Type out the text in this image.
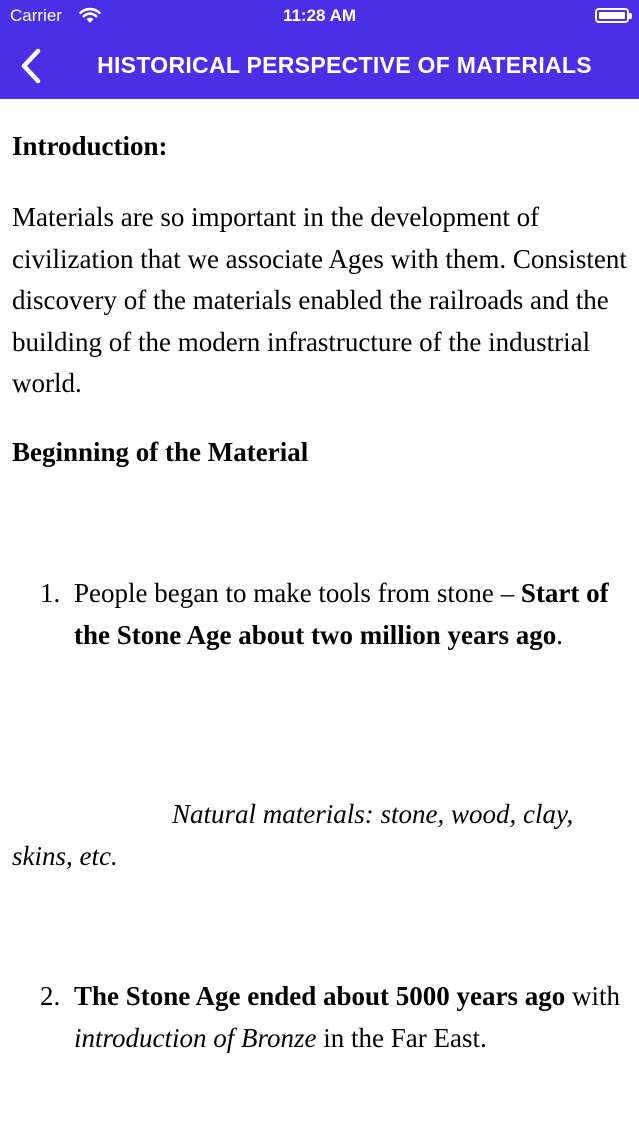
Carrier	11:28 AM
HISTORICAL PERSPECTIVE OF MATERIALS
Introduction:

Materials are so important in the development of civilization that we associate Ages with them. Consistent discovery of the materials enabled the railroads and the building of the modern infrastructure of the industrial world.

Beginning of the Material
1. People began to make tools from stone – Start of the Stone Age about two million years ago.

Natural materials: stone, wood, clay, skins, etc.

2. The Stone Age ended about 5000 years ago with introduction of Bronze in the Far East.
